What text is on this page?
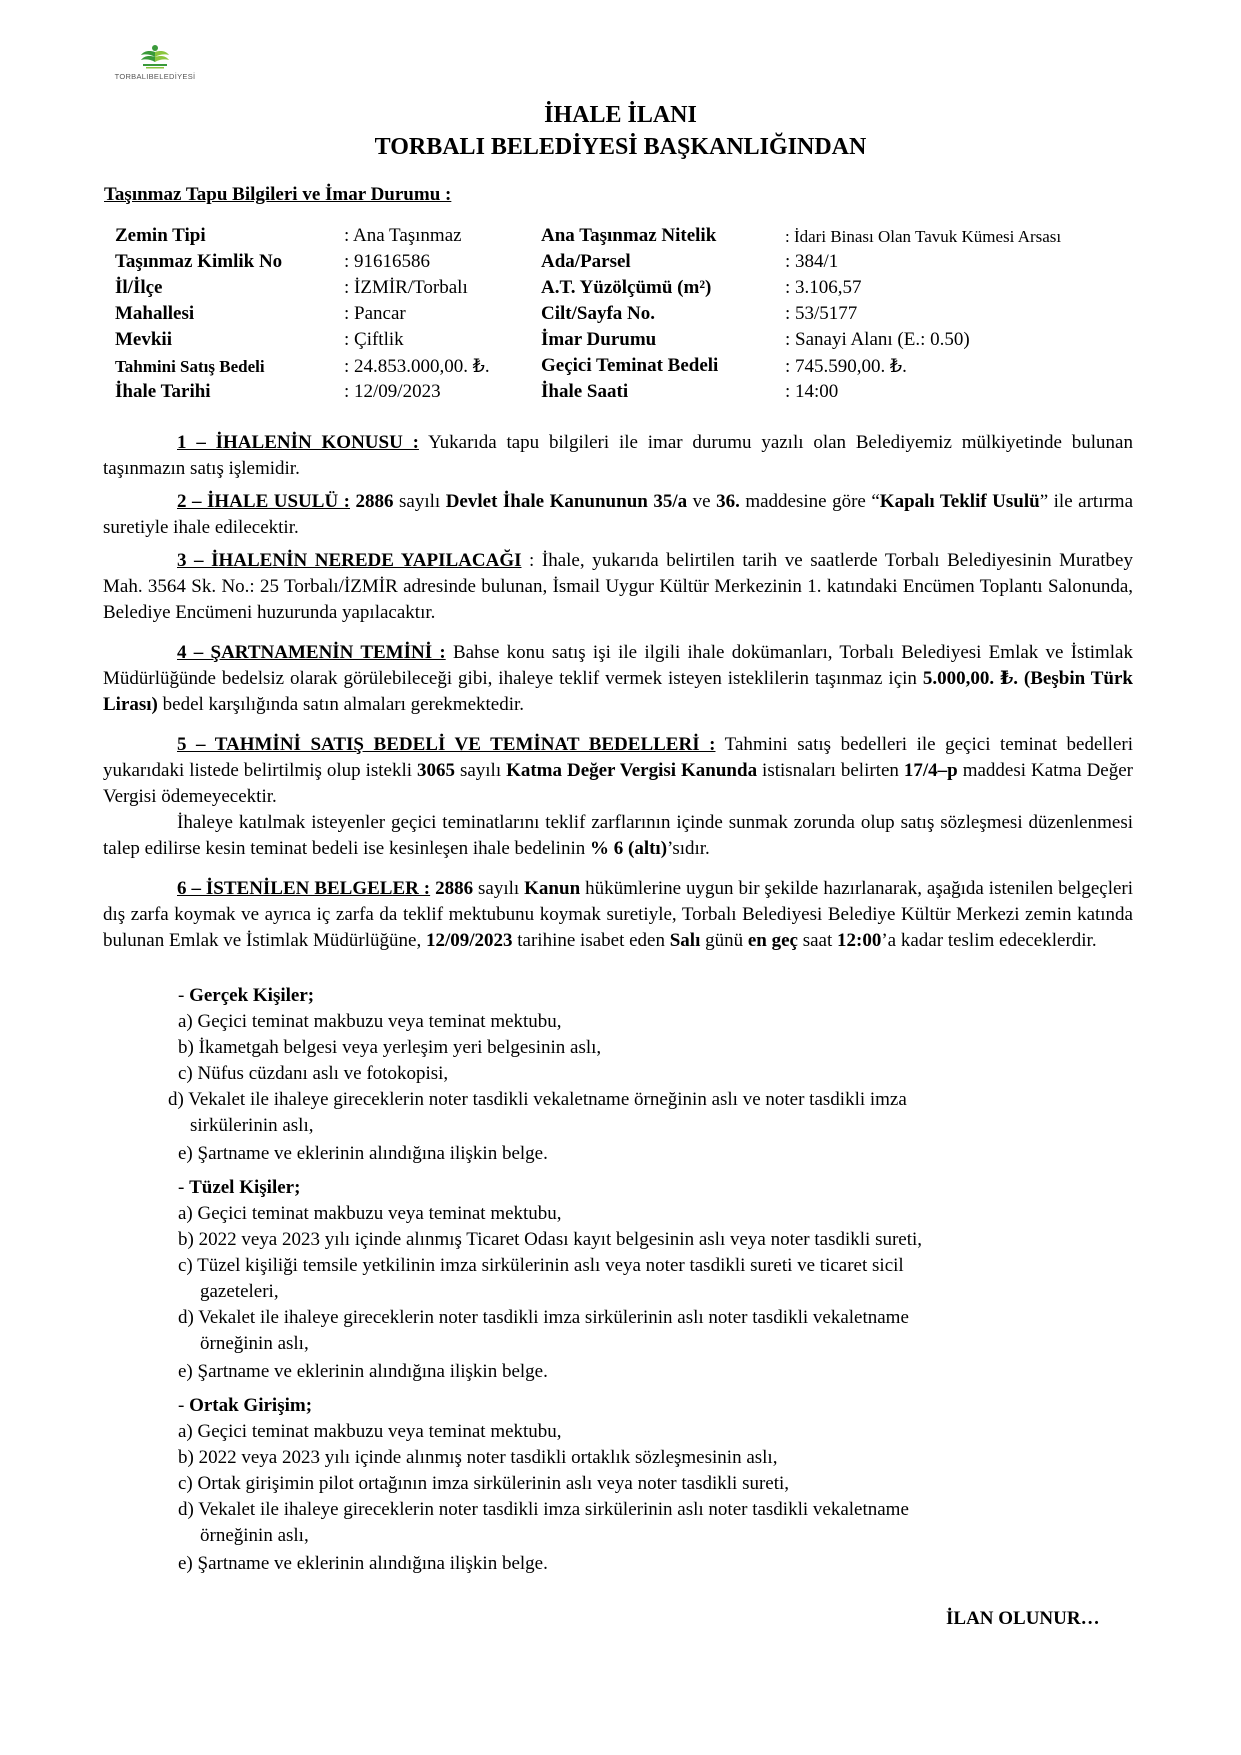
TORBALIBELEDİYESİ
İHALE İLANI
TORBALI BELEDİYESİ BAŞKANLIĞINDAN
Taşınmaz Tapu Bilgileri ve İmar Durumu :
Zemin Tipi	: Ana Taşınmaz	Ana Taşınmaz Nitelik	: İdari Binası Olan Tavuk Kümesi Arsası
Taşınmaz Kimlik No	: 91616586	Ada/Parsel	: 384/1
İl/İlçe	: İZMİR/Torbalı	A.T. Yüzölçümü (m²)	: 3.106,57
Mahallesi	: Pancar	Cilt/Sayfa No.	: 53/5177
Mevkii	: Çiftlik	İmar Durumu	: Sanayi Alanı (E.: 0.50)
Tahmini Satış Bedeli	: 24.853.000,00. ₺.	Geçici Teminat Bedeli	: 745.590,00. ₺.
İhale Tarihi	: 12/09/2023	İhale Saati	: 14:00

1 – İHALENİN KONUSU : Yukarıda tapu bilgileri ile imar durumu yazılı olan Belediyemiz mülkiyetinde bulunan taşınmazın satış işlemidir.

2 – İHALE USULÜ : 2886 sayılı Devlet İhale Kanununun 35/a ve 36. maddesine göre “Kapalı Teklif Usulü” ile artırma suretiyle ihale edilecektir.

3 – İHALENİN NEREDE YAPILACAĞI : İhale, yukarıda belirtilen tarih ve saatlerde Torbalı Belediyesinin Muratbey Mah. 3564 Sk. No.: 25 Torbalı/İZMİR adresinde bulunan, İsmail Uygur Kültür Merkezinin 1. katındaki Encümen Toplantı Salonunda, Belediye Encümeni huzurunda yapılacaktır.

4 – ŞARTNAMENİN TEMİNİ : Bahse konu satış işi ile ilgili ihale dokümanları, Torbalı Belediyesi Emlak ve İstimlak Müdürlüğünde bedelsiz olarak görülebileceği gibi, ihaleye teklif vermek isteyen isteklilerin taşınmaz için 5.000,00. ₺. (Beşbin Türk Lirası) bedel karşılığında satın almaları gerekmektedir.

5 – TAHMİNİ SATIŞ BEDELİ VE TEMİNAT BEDELLERİ : Tahmini satış bedelleri ile geçici teminat bedelleri yukarıdaki listede belirtilmiş olup istekli 3065 sayılı Katma Değer Vergisi Kanunda istisnaları belirten 17/4–p maddesi Katma Değer Vergisi ödemeyecektir.
İhaleye katılmak isteyenler geçici teminatlarını teklif zarflarının içinde sunmak zorunda olup satış sözleşmesi düzenlenmesi talep edilirse kesin teminat bedeli ise kesinleşen ihale bedelinin % 6 (altı)’sıdır.

6 – İSTENİLEN BELGELER : 2886 sayılı Kanun hükümlerine uygun bir şekilde hazırlanarak, aşağıda istenilen belgeçleri dış zarfa koymak ve ayrıca iç zarfa da teklif mektubunu koymak suretiyle, Torbalı Belediyesi Belediye Kültür Merkezi zemin katında bulunan Emlak ve İstimlak Müdürlüğüne, 12/09/2023 tarihine isabet eden Salı günü en geç saat 12:00’a kadar teslim edeceklerdir.

- Gerçek Kişiler;
a) Geçici teminat makbuzu veya teminat mektubu,
b) İkametgah belgesi veya yerleşim yeri belgesinin aslı,
c) Nüfus cüzdanı aslı ve fotokopisi,
d) Vekalet ile ihaleye gireceklerin noter tasdikli vekaletname örneğinin aslı ve noter tasdikli imza
sirkülerinin aslı,
e) Şartname ve eklerinin alındığına ilişkin belge.
- Tüzel Kişiler;
a) Geçici teminat makbuzu veya teminat mektubu,
b) 2022 veya 2023 yılı içinde alınmış Ticaret Odası kayıt belgesinin aslı veya noter tasdikli sureti,
c) Tüzel kişiliği temsile yetkilinin imza sirkülerinin aslı veya noter tasdikli sureti ve ticaret sicil
gazeteleri,
d) Vekalet ile ihaleye gireceklerin noter tasdikli imza sirkülerinin aslı noter tasdikli vekaletname
örneğinin aslı,
e) Şartname ve eklerinin alındığına ilişkin belge.
- Ortak Girişim;
a) Geçici teminat makbuzu veya teminat mektubu,
b) 2022 veya 2023 yılı içinde alınmış noter tasdikli ortaklık sözleşmesinin aslı,
c) Ortak girişimin pilot ortağının imza sirkülerinin aslı veya noter tasdikli sureti,
d) Vekalet ile ihaleye gireceklerin noter tasdikli imza sirkülerinin aslı noter tasdikli vekaletname
örneğinin aslı,
e) Şartname ve eklerinin alındığına ilişkin belge.
İLAN OLUNUR…
